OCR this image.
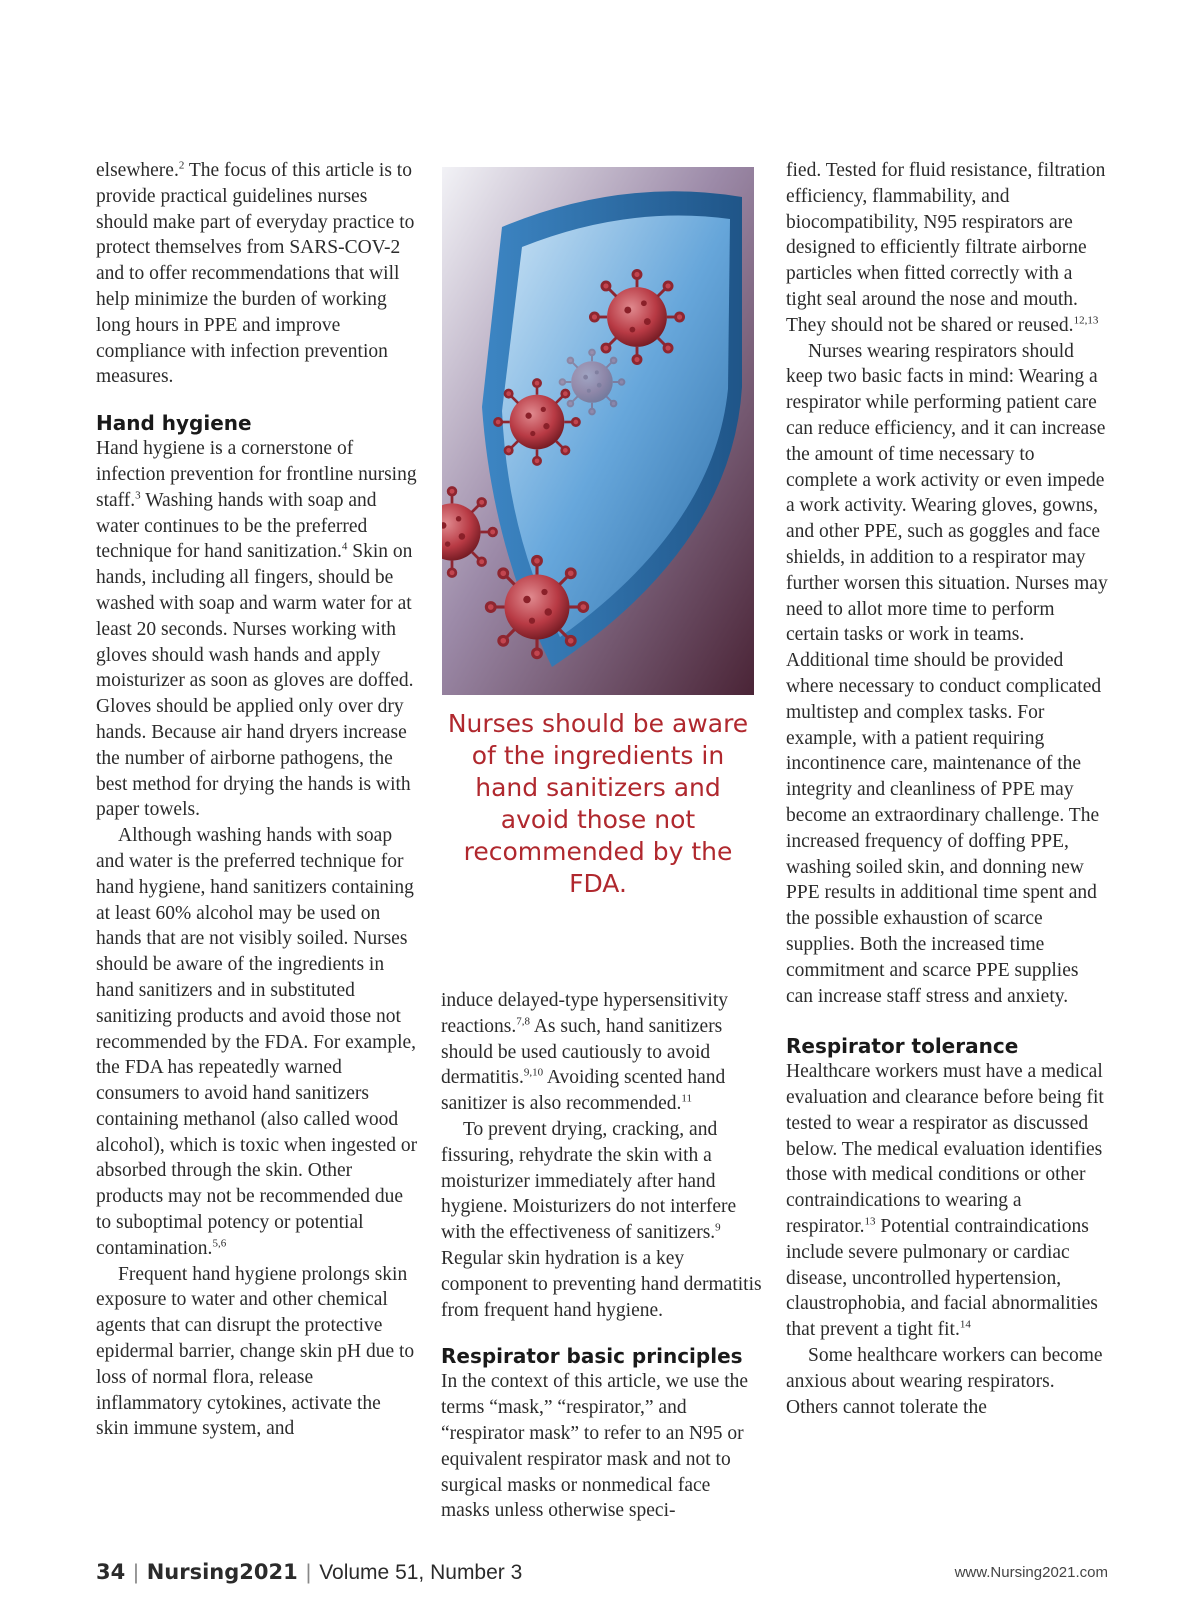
elsewhere.$^2$ The focus of this article is to provide practical guidelines nurses should make part of everyday practice to protect themselves from SARS-COV-2 and to offer recommendations that will help minimize the burden of working long hours in PPE and improve compliance with infection prevention measures.

Hand hygiene

Hand hygiene is a cornerstone of infection prevention for frontline nursing staff.$^3$ Washing hands with soap and water continues to be the preferred technique for hand sanitization.$^4$ Skin on hands, including all fingers, should be washed with soap and warm water for at least 20 seconds. Nurses working with gloves should wash hands and apply moisturizer as soon as gloves are doffed. Gloves should be applied only over dry hands. Because air hand dryers increase the number of airborne pathogens, the best method for drying the hands is with paper towels.

Although washing hands with soap and water is the preferred technique for hand hygiene, hand sanitizers containing at least 60% alcohol may be used on hands that are not visibly soiled. Nurses should be aware of the ingredients in hand sanitizers and in substituted sanitizing products and avoid those not recommended by the FDA. For example, the FDA has repeatedly warned consumers to avoid hand sanitizers containing methanol (also called wood alcohol), which is toxic when ingested or absorbed through the skin. Other products may not be recommended due to suboptimal potency or potential contamination.$^{5,6}$

Frequent hand hygiene prolongs skin exposure to water and other chemical agents that can disrupt the protective epidermal barrier, change skin pH due to loss of normal flora, release inflammatory cytokines, activate the skin immune system, and

Nurses should be aware of the ingredients in hand sanitizers and avoid those not recommended by the FDA.

induce delayed-type hypersensitivity reactions.$^{7,8}$ As such, hand sanitizers should be used cautiously to avoid dermatitis.$^{9,10}$ Avoiding scented hand sanitizer is also recommended.$^{11}$

To prevent drying, cracking, and fissuring, rehydrate the skin with a moisturizer immediately after hand hygiene. Moisturizers do not interfere with the effectiveness of sanitizers.$^9$ Regular skin hydration is a key component to preventing hand dermatitis from frequent hand hygiene.

Respirator basic principles

In the context of this article, we use the terms “mask,” “respirator,” and “respirator mask” to refer to an N95 or equivalent respirator mask and not to surgical masks or nonmedical face masks unless otherwise speci-

fied. Tested for fluid resistance, filtration efficiency, flammability, and biocompatibility, N95 respirators are designed to efficiently filtrate airborne particles when fitted correctly with a tight seal around the nose and mouth. They should not be shared or reused.$^{12,13}$

Nurses wearing respirators should keep two basic facts in mind: Wearing a respirator while performing patient care can reduce efficiency, and it can increase the amount of time necessary to complete a work activity or even impede a work activity. Wearing gloves, gowns, and other PPE, such as goggles and face shields, in addition to a respirator may further worsen this situation. Nurses may need to allot more time to perform certain tasks or work in teams. Additional time should be provided where necessary to conduct complicated multistep and complex tasks. For example, with a patient requiring incontinence care, maintenance of the integrity and cleanliness of PPE may become an extraordinary challenge. The increased frequency of doffing PPE, washing soiled skin, and donning new PPE results in additional time spent and the possible exhaustion of scarce supplies. Both the increased time commitment and scarce PPE supplies can increase staff stress and anxiety.

Respirator tolerance

Healthcare workers must have a medical evaluation and clearance before being fit tested to wear a respirator as discussed below. The medical evaluation identifies those with medical conditions or other contraindications to wearing a respirator.$^{13}$ Potential contraindications include severe pulmonary or cardiac disease, uncontrolled hypertension, claustrophobia, and facial abnormalities that prevent a tight fit.$^{14}$

Some healthcare workers can become anxious about wearing respirators. Others cannot tolerate the

34 | Nursing2021 | Volume 51, Number 3	www.Nursing2021.com
